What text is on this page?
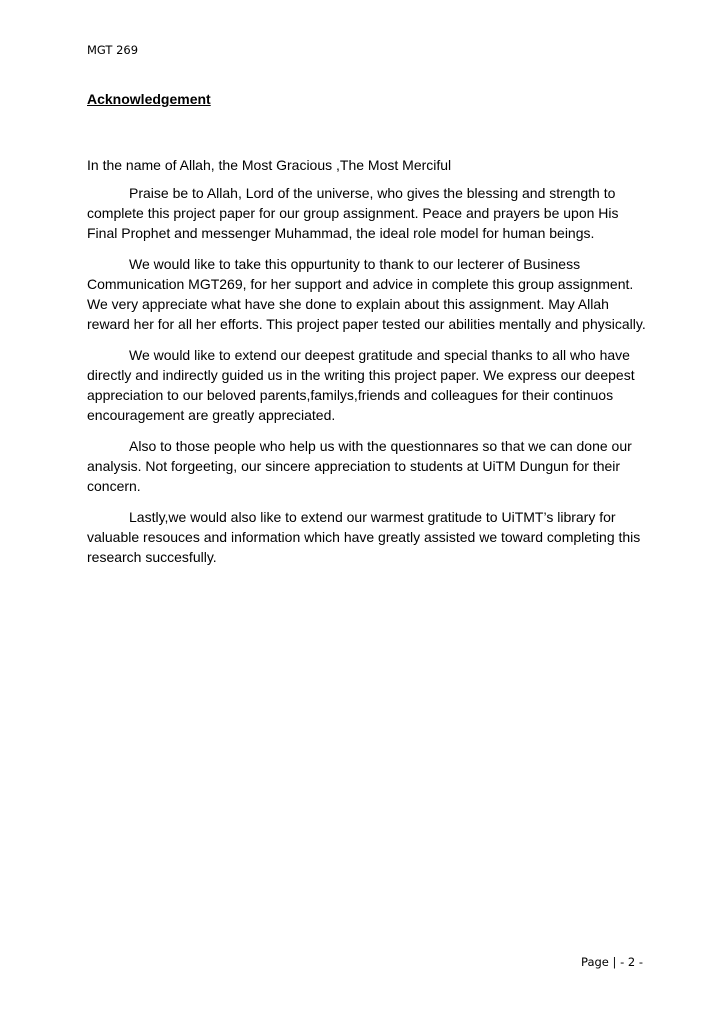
MGT 269
Acknowledgement

In the name of Allah, the Most Gracious ,The Most Merciful

Praise be to Allah, Lord of the universe, who gives the blessing and strength to complete this project paper for our group assignment. Peace and prayers be upon His Final Prophet and messenger Muhammad, the ideal role model for human beings.

We would like to take this oppurtunity to thank to our lecterer of Business Communication MGT269, for her support and advice in complete this group assignment. We very appreciate what have she done to explain about this assignment. May Allah reward her for all her efforts. This project paper tested our abilities mentally and physically.

We would like to extend our deepest gratitude and special thanks to all who have directly and indirectly guided us in the writing this project paper. We express our deepest appreciation to our beloved parents,familys,friends and colleagues for their continuos encouragement are greatly appreciated.

Also to those people who help us with the questionnares so that we can done our analysis. Not forgeeting, our sincere appreciation to students at UiTM Dungun for their concern.

Lastly,we would also like to extend our warmest gratitude to UiTMT’s library for valuable resouces and information which have greatly assisted we toward completing this research succesfully.

Page | - 2 -
